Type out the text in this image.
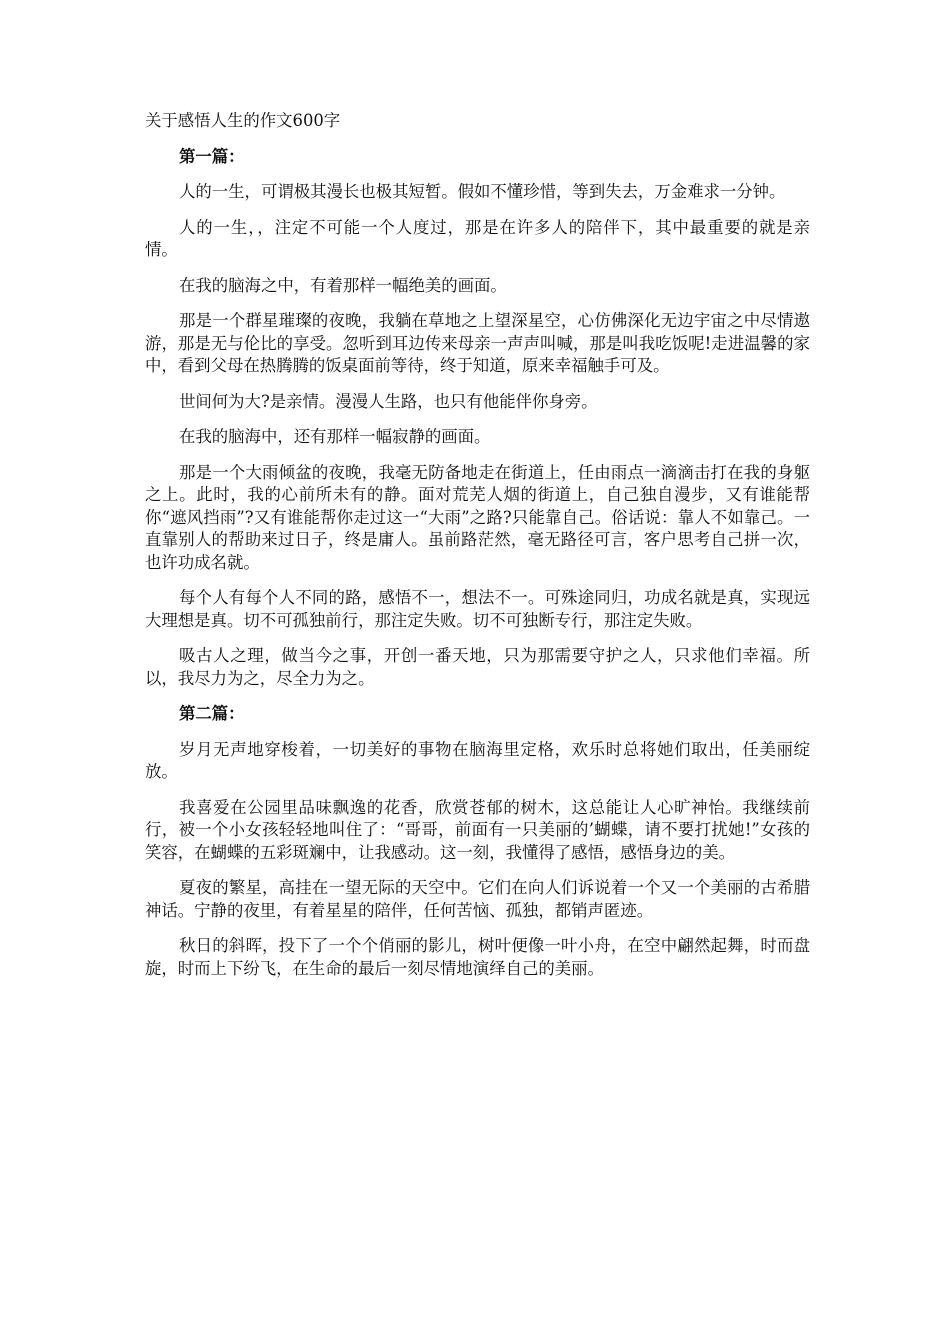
关于感悟人生的作文600字
第一篇：

人的一生，可谓极其漫长也极其短暂。假如不懂珍惜，等到失去，万金难求一分钟。

人的一生，，注定不可能一个人度过，那是在许多人的陪伴下，其中最重要的就是亲情。

在我的脑海之中，有着那样一幅绝美的画面。

那是一个群星璀璨的夜晚，我躺在草地之上望深星空，心仿佛深化无边宇宙之中尽情遨游，那是无与伦比的享受。忽听到耳边传来母亲一声声叫喊，那是叫我吃饭呢!走进温馨的家中，看到父母在热腾腾的饭桌面前等待，终于知道，原来幸福触手可及。

世间何为大?是亲情。漫漫人生路，也只有他能伴你身旁。

在我的脑海中，还有那样一幅寂静的画面。

那是一个大雨倾盆的夜晚，我毫无防备地走在街道上，任由雨点一滴滴击打在我的身躯之上。此时，我的心前所未有的静。面对荒芜人烟的街道上，自己独自漫步，又有谁能帮你“遮风挡雨”?又有谁能帮你走过这一“大雨”之路?只能靠自己。俗话说：靠人不如靠己。一直靠别人的帮助来过日子，终是庸人。虽前路茫然，毫无路径可言，客户思考自己拼一次，也许功成名就。

每个人有每个人不同的路，感悟不一，想法不一。可殊途同归，功成名就是真，实现远大理想是真。切不可孤独前行，那注定失败。切不可独断专行，那注定失败。

吸古人之理，做当今之事，开创一番天地，只为那需要守护之人，只求他们幸福。所以，我尽力为之，尽全力为之。

第二篇：

岁月无声地穿梭着，一切美好的事物在脑海里定格，欢乐时总将她们取出，任美丽绽放。

我喜爱在公园里品味飘逸的花香，欣赏苍郁的树木，这总能让人心旷神怡。我继续前行，被一个小女孩轻轻地叫住了：“哥哥，前面有一只美丽的’蝴蝶，请不要打扰她!”女孩的笑容，在蝴蝶的五彩斑斓中，让我感动。这一刻，我懂得了感悟，感悟身边的美。

夏夜的繁星，高挂在一望无际的天空中。它们在向人们诉说着一个又一个美丽的古希腊神话。宁静的夜里，有着星星的陪伴，任何苦恼、孤独，都销声匿迹。

秋日的斜晖，投下了一个个俏丽的影儿，树叶便像一叶小舟，在空中翩然起舞，时而盘旋，时而上下纷飞，在生命的最后一刻尽情地演绎自己的美丽。
